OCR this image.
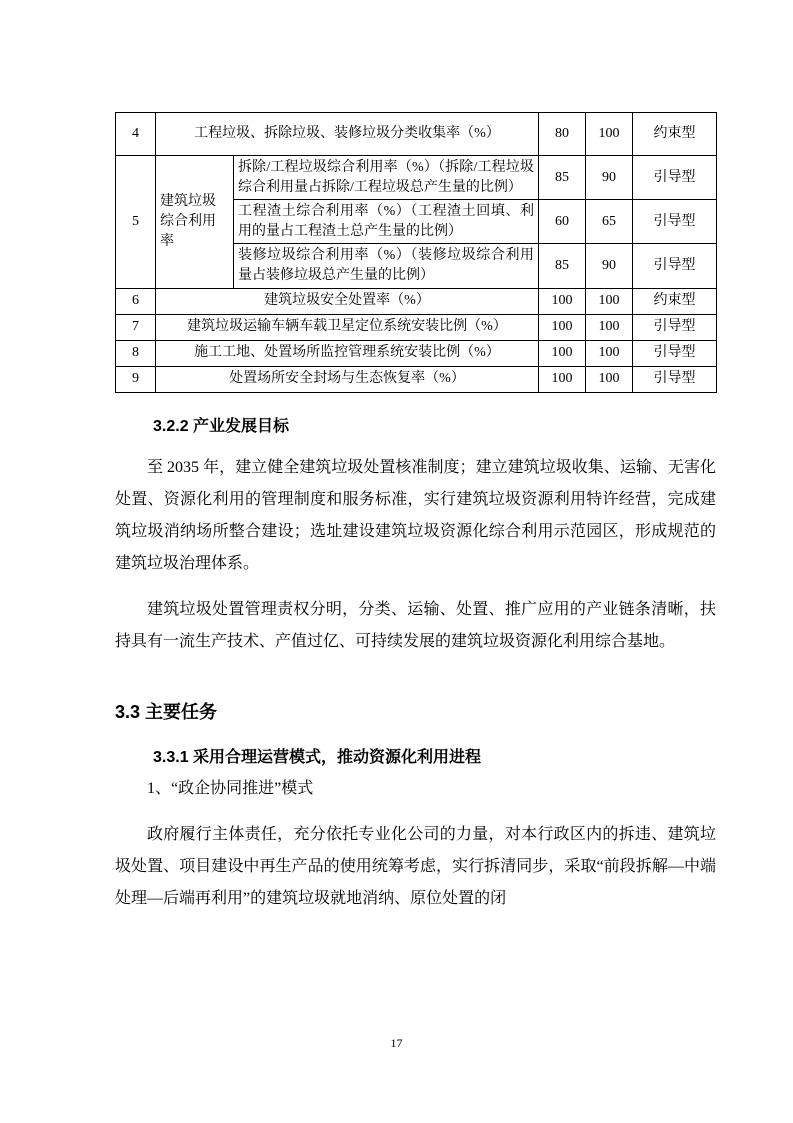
4	工程垃圾、拆除垃圾、装修垃圾分类收集率（%）		80	100	约束型
5	建筑垃圾综合利用率	拆除/工程垃圾综合利用率（%）（拆除/工程垃圾综合利用量占拆除/工程垃圾总产生量的比例）	85	90	引导型
		工程渣土综合利用率（%）（工程渣土回填、利用的量占工程渣土总产生量的比例）	60	65	引导型
		装修垃圾综合利用率（%）（装修垃圾综合利用量占装修垃圾总产生量的比例）	85	90	引导型
6	建筑垃圾安全处置率（%）		100	100	约束型
7	建筑垃圾运输车辆车载卫星定位系统安装比例（%）		100	100	引导型
8	施工工地、处置场所监控管理系统安装比例（%）		100	100	引导型
9	处置场所安全封场与生态恢复率（%）		100	100	引导型
3.2.2 产业发展目标

至 2035 年，建立健全建筑垃圾处置核准制度；建立建筑垃圾收集、运输、无害化处置、资源化利用的管理制度和服务标准，实行建筑垃圾资源利用特许经营，完成建筑垃圾消纳场所整合建设；选址建设建筑垃圾资源化综合利用示范园区，形成规范的建筑垃圾治理体系。

建筑垃圾处置管理责权分明，分类、运输、处置、推广应用的产业链条清晰，扶持具有一流生产技术、产值过亿、可持续发展的建筑垃圾资源化利用综合基地。

3.3 主要任务
3.3.1 采用合理运营模式，推动资源化利用进程
1、“政企协同推进”模式

政府履行主体责任，充分依托专业化公司的力量，对本行政区内的拆违、建筑垃圾处置、项目建设中再生产品的使用统筹考虑，实行拆清同步，采取“前段拆解—中端处理—后端再利用”的建筑垃圾就地消纳、原位处置的闭

17
